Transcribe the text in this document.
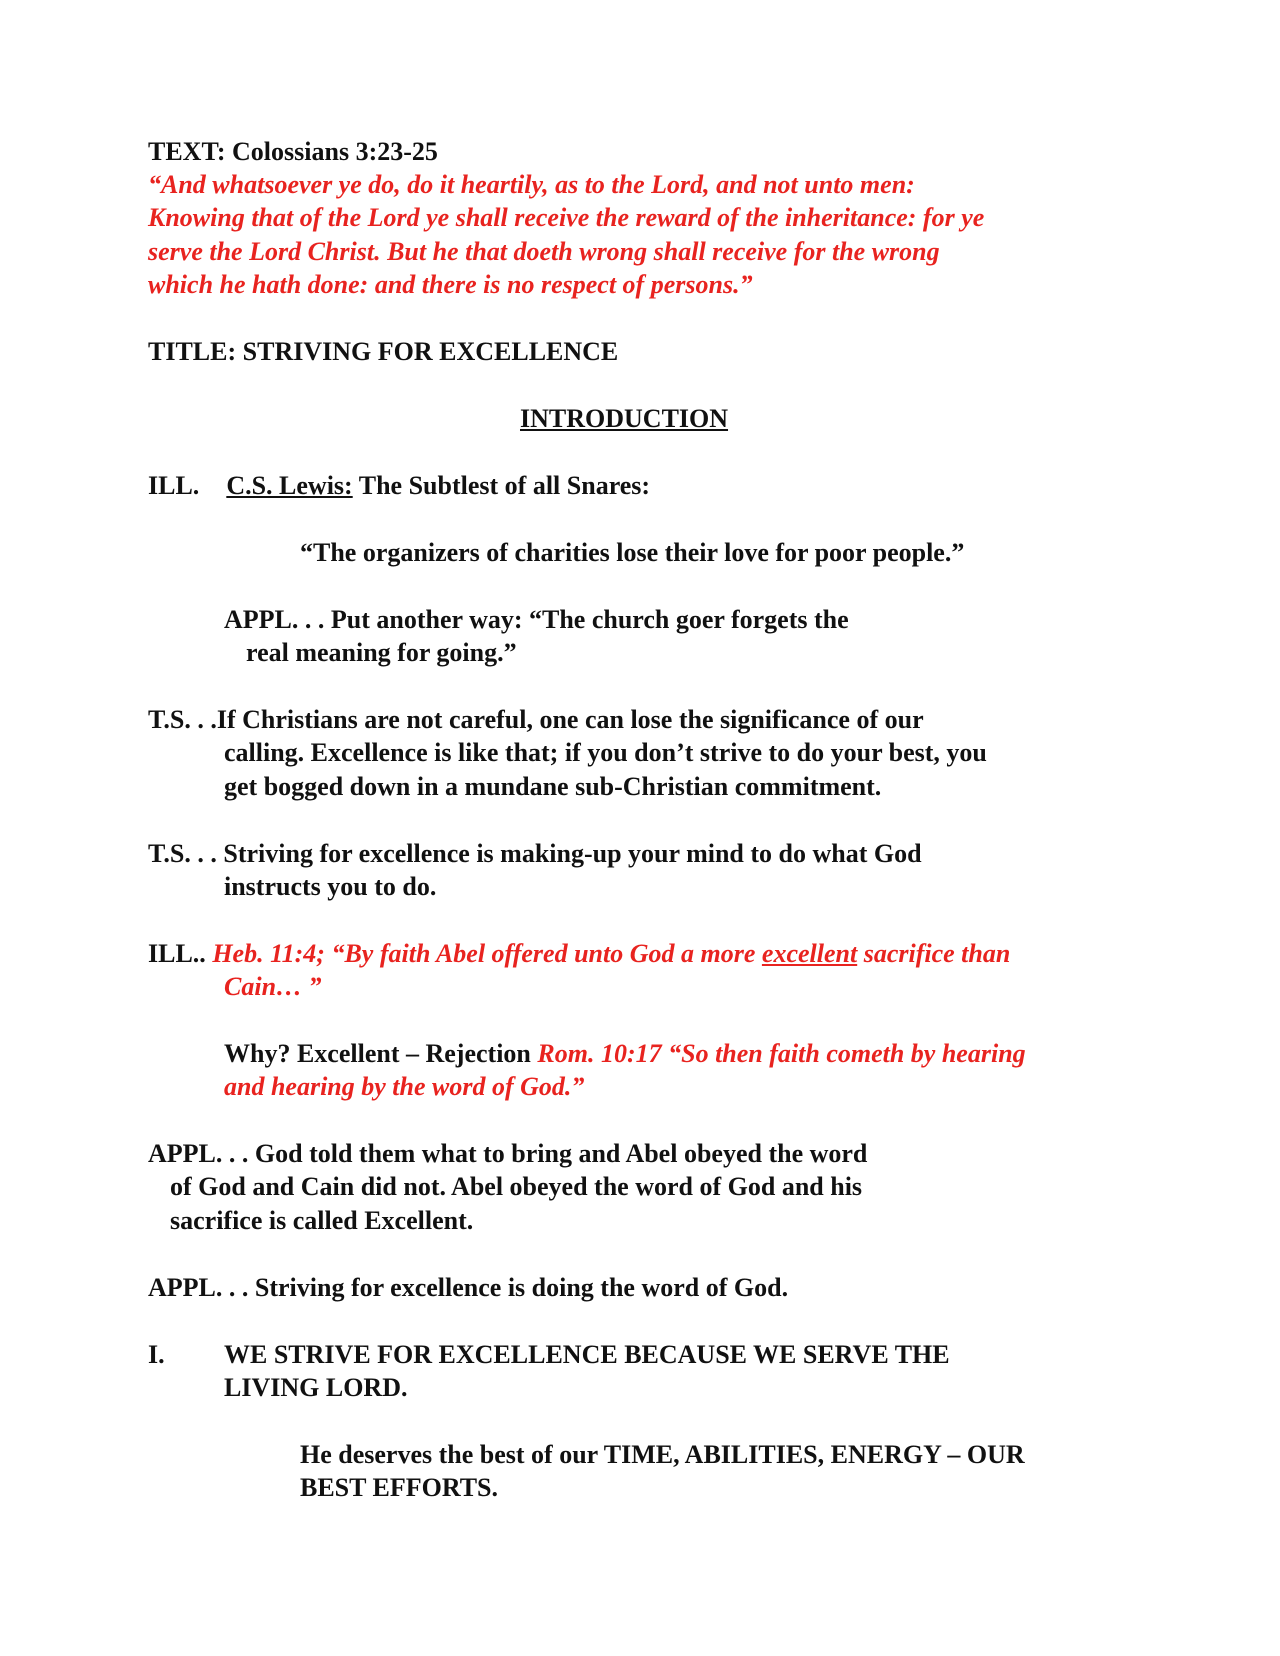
TEXT: Colossians 3:23-25
“And whatsoever ye do, do it heartily, as to the Lord, and not unto men:
Knowing that of the Lord ye shall receive the reward of the inheritance: for ye
serve the Lord Christ. But he that doeth wrong shall receive for the wrong
which he hath done: and there is no respect of persons.”
TITLE: STRIVING FOR EXCELLENCE
INTRODUCTION
ILL. C.S. Lewis: The Subtlest of all Snares:
“The organizers of charities lose their love for poor people.”
APPL. . . Put another way: “The church goer forgets the
real meaning for going.”
T.S. . .If Christians are not careful, one can lose the significance of our
calling. Excellence is like that; if you don’t strive to do your best, you
get bogged down in a mundane sub-Christian commitment.
T.S. . . Striving for excellence is making-up your mind to do what God
instructs you to do.
ILL.. Heb. 11:4; “By faith Abel offered unto God a more excellent sacrifice than
Cain… ”
Why? Excellent – Rejection Rom. 10:17 “So then faith cometh by hearing
and hearing by the word of God.”
APPL. . . God told them what to bring and Abel obeyed the word
of God and Cain did not. Abel obeyed the word of God and his
sacrifice is called Excellent.
APPL. . . Striving for excellence is doing the word of God.
I. WE STRIVE FOR EXCELLENCE BECAUSE WE SERVE THE
LIVING LORD.
He deserves the best of our TIME, ABILITIES, ENERGY – OUR
BEST EFFORTS.
